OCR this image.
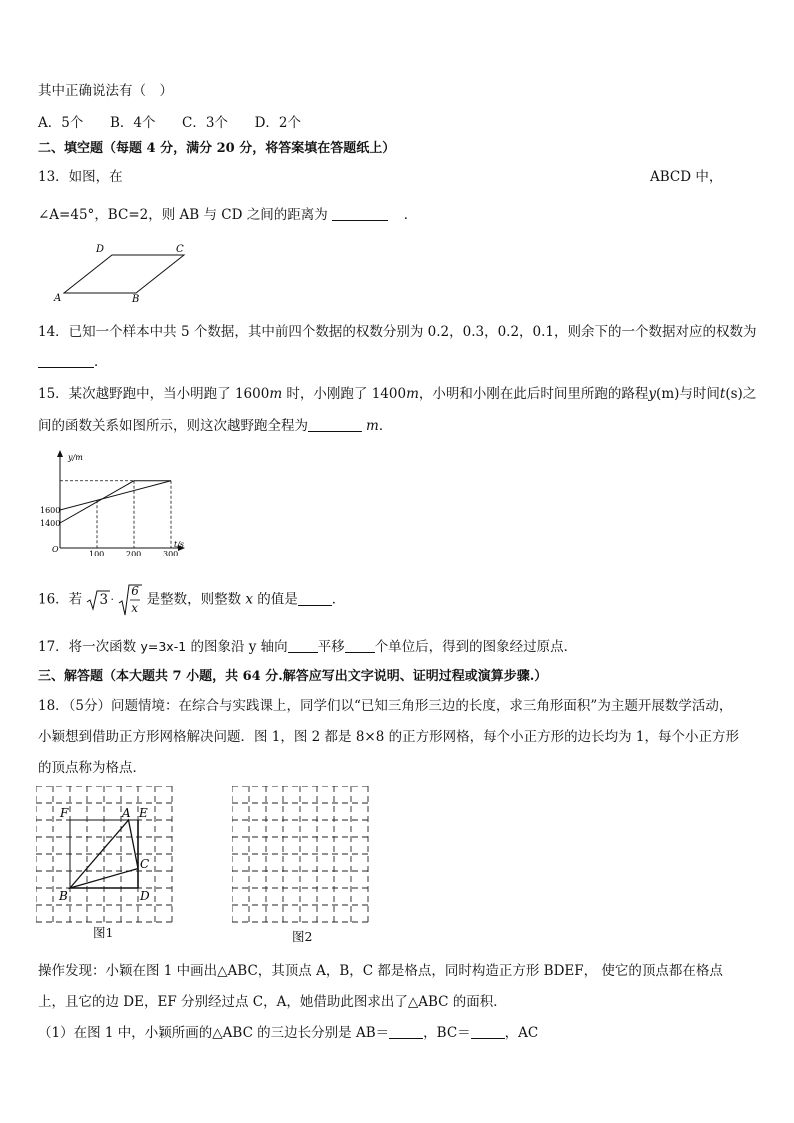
其中正确说法有（　）
A．5个 B．4个 C．3个 D．2个
二、填空题（每题 4 分，满分 20 分，将答案填在答题纸上）
13．如图，在	ABCD 中，
∠A=45°，BC=2，则 AB 与 CD 之间的距离为	．
D	C
A	B
14．已知一个样本中共 5 个数据，其中前四个数据的权数分别为 0.2，0.3，0.2，0.1，则余下的一个数据对应的权数为
．
15．某次越野跑中，当小明跑了 1600m 时，小刚跑了 1400m，小明和小刚在此后时间里所跑的路程y(m)与时间t(s)之
间的函数关系如图所示，则这次越野跑全程为	m．
y/m
t/s
O
100	200	300
1600
1400
16．若 3 ·
6
x
是整数，则整数 x 的值是	．
17．将一次函数 y=3x-1 的图象沿 y 轴向 平移 个单位后，得到的图象经过原点．
三、解答题（本大题共 7 小题，共 64 分.解答应写出文字说明、证明过程或演算步骤.）
18．（5分）问题情境：在综合与实践课上，同学们以“已知三角形三边的长度，求三角形面积”为主题开展数学活动，
小颖想到借助正方形网格解决问题．图 1，图 2 都是 8×8 的正方形网格，每个小正方形的边长均为 1，每个小正方形
的顶点称为格点．
F	A E
C
B	D
图1	图2
操作发现：小颖在图 1 中画出△ABC，其顶点 A，B，C 都是格点，同时构造正方形 BDEF， 使它的顶点都在格点
上，且它的边 DE，EF 分别经过点 C，A，她借助此图求出了△ABC 的面积．
（1）在图 1 中，小颖所画的△ABC 的三边长分别是 AB＝	，BC＝	，AC
